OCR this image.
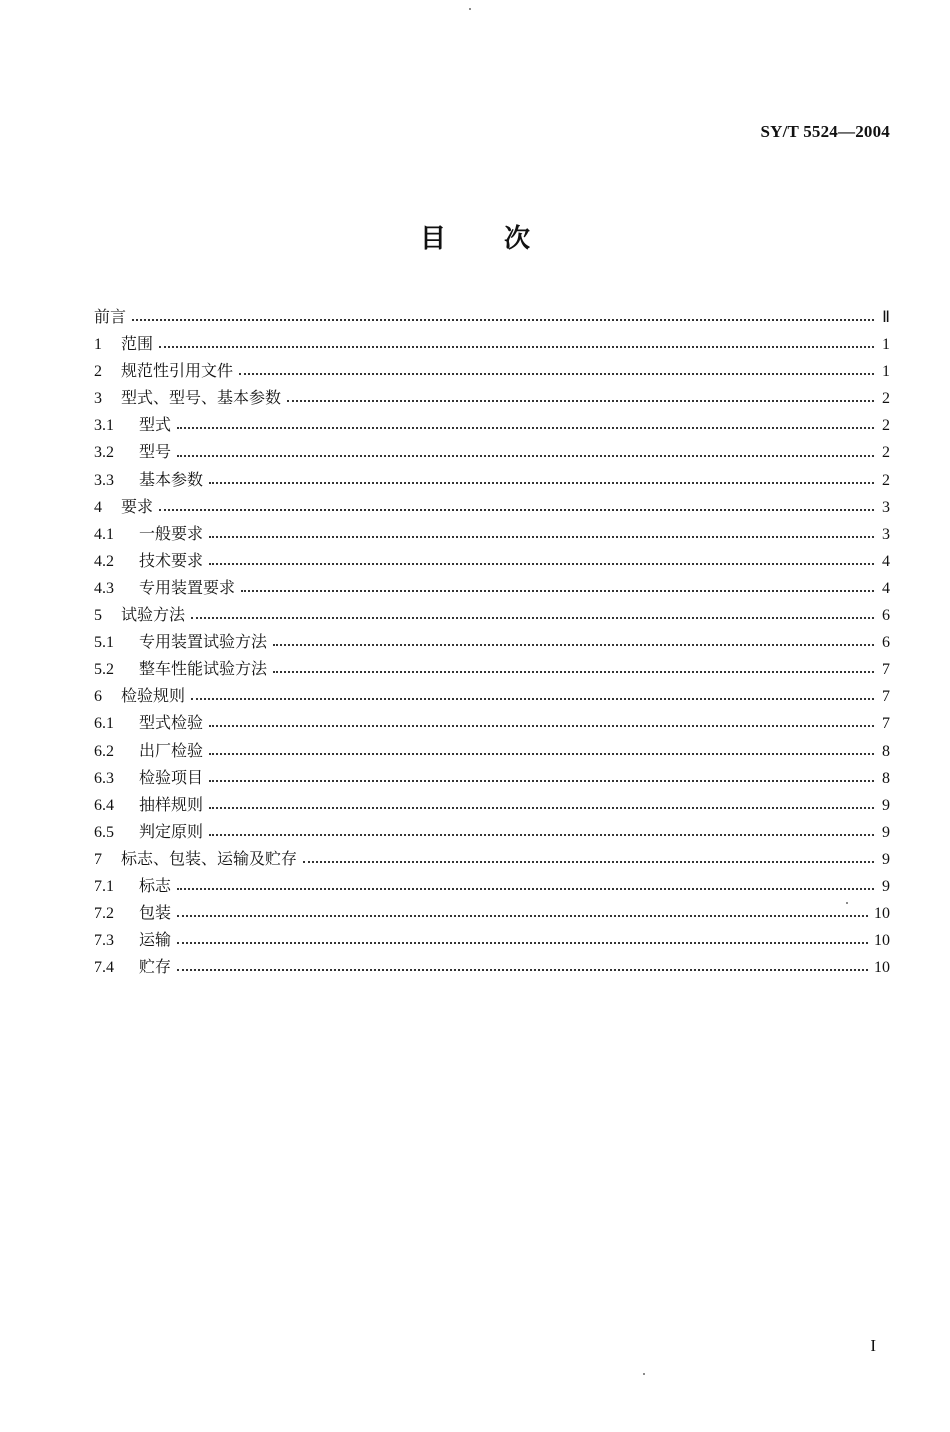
SY/T 5524—2004
目 次
前言	Ⅱ
1	范围	1
2	规范性引用文件	1
3	型式、型号、基本参数	2
3.1	型式	2
3.2	型号	2
3.3	基本参数	2
4	要求	3
4.1	一般要求	3
4.2	技术要求	4
4.3	专用装置要求	4
5	试验方法	6
5.1	专用装置试验方法	6
5.2	整车性能试验方法	7
6	检验规则	7
6.1	型式检验	7
6.2	出厂检验	8
6.3	检验项目	8
6.4	抽样规则	9
6.5	判定原则	9
7	标志、包装、运输及贮存	9
7.1	标志	9
7.2	包装	10
7.3	运输	10
7.4	贮存	10
I
